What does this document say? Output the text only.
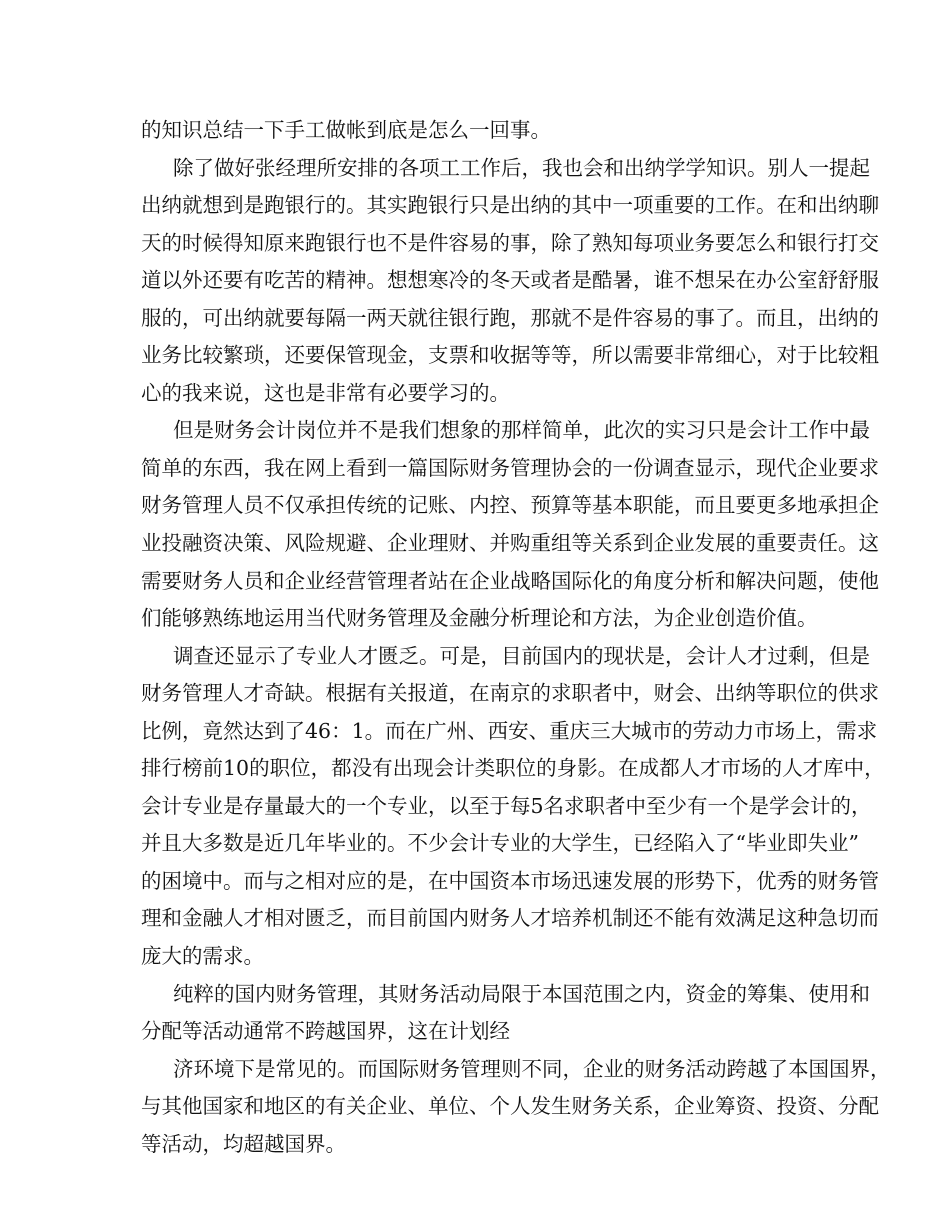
的知识总结一下手工做帐到底是怎么一回事。
除了做好张经理所安排的各项工工作后，我也会和出纳学学知识。别人一提起
出纳就想到是跑银行的。其实跑银行只是出纳的其中一项重要的工作。在和出纳聊
天的时候得知原来跑银行也不是件容易的事，除了熟知每项业务要怎么和银行打交
道以外还要有吃苦的精神。想想寒冷的冬天或者是酷暑，谁不想呆在办公室舒舒服
服的，可出纳就要每隔一两天就往银行跑，那就不是件容易的事了。而且，出纳的
业务比较繁琐，还要保管现金，支票和收据等等，所以需要非常细心，对于比较粗
心的我来说，这也是非常有必要学习的。
但是财务会计岗位并不是我们想象的那样简单，此次的实习只是会计工作中最
简单的东西，我在网上看到一篇国际财务管理协会的一份调查显示，现代企业要求
财务管理人员不仅承担传统的记账、内控、预算等基本职能，而且要更多地承担企
业投融资决策、风险规避、企业理财、并购重组等关系到企业发展的重要责任。这
需要财务人员和企业经营管理者站在企业战略国际化的角度分析和解决问题，使他
们能够熟练地运用当代财务管理及金融分析理论和方法，为企业创造价值。
调查还显示了专业人才匮乏。可是，目前国内的现状是，会计人才过剩，但是
财务管理人才奇缺。根据有关报道，在南京的求职者中，财会、出纳等职位的供求
比例，竟然达到了46：1。而在广州、西安、重庆三大城市的劳动力市场上，需求
排行榜前10的职位，都没有出现会计类职位的身影。在成都人才市场的人才库中，
会计专业是存量最大的一个专业，以至于每5名求职者中至少有一个是学会计的，
并且大多数是近几年毕业的。不少会计专业的大学生，已经陷入了“毕业即失业”
的困境中。而与之相对应的是，在中国资本市场迅速发展的形势下，优秀的财务管
理和金融人才相对匮乏，而目前国内财务人才培养机制还不能有效满足这种急切而
庞大的需求。
纯粹的国内财务管理，其财务活动局限于本国范围之内，资金的筹集、使用和
分配等活动通常不跨越国界，这在计划经
济环境下是常见的。而国际财务管理则不同，企业的财务活动跨越了本国国界，
与其他国家和地区的有关企业、单位、个人发生财务关系，企业筹资、投资、分配
等活动，均超越国界。
